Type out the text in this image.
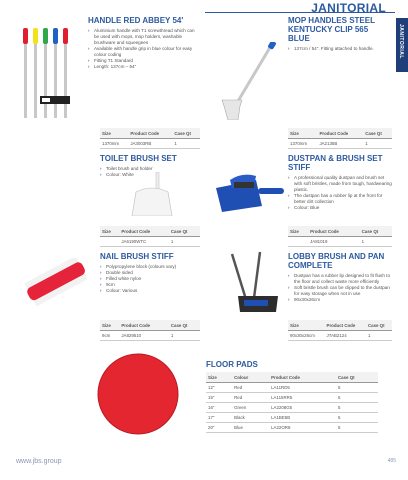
JANITORIAL
JANITORIAL
HANDLE RED ABBEY 54'
› Aluminium handle with T1 screwthread which can be used with mops, mop holders, washable brushware and squeegees
› Available with handle grip in blue colour for easy colour coding
› Fitting T1 Standard
› Length: 137cm – 54"
Size	Product Code	Case Qt
1370mm	JA3003RB	1
MOP HANDLES STEEL KENTUCKY CLIP 565 BLUE
› 137cm / 54". Fitting attached to handle.
Size	Product Code	Case Qt
1370mm	JA2135B	1
TOILET BRUSH SET
› Toilet brush and holder
› Colour: White
Size	Product Code	Case Qt
	JA6190WTC	1
DUSTPAN & BRUSH SET STIFF
› A professional quality dustpan and brush set with soft bristles, made from tough, hardwearing plastic.
› The dustpan has a rubber lip at the front for better dirt collection
› Colour: Blue
Size	Product Code	Case Qt
	JA81019	1
NAIL BRUSH STIFF
› Polypropylene block (colours vary)
› Double sided
› Filled white nylon
› 9cm
› Colour: Various
Size	Product Code	Case Qt
9cm	JA829510	1
LOBBY BRUSH AND PAN COMPLETE
› Dustpan has a rubber lip designed to fit flush to the floor and collect waste more efficiently
› Soft bristle brush can be clipped to the dustpan for easy storage when not in use
› 90x30x26cm
Size	Product Code	Case Qt
90x30x26cm	JTAB2124	1
FLOOR PADS
Size	Colour	Product Code	Case Qt
12"	Red	LA11RD5	5
15"	Red	LA115RR5	5
16"	Green	LA2208G5	5
17"	Black	LA1BE5B	5
20"	Blue	LA22OR8	5
www.jbs.group	485
